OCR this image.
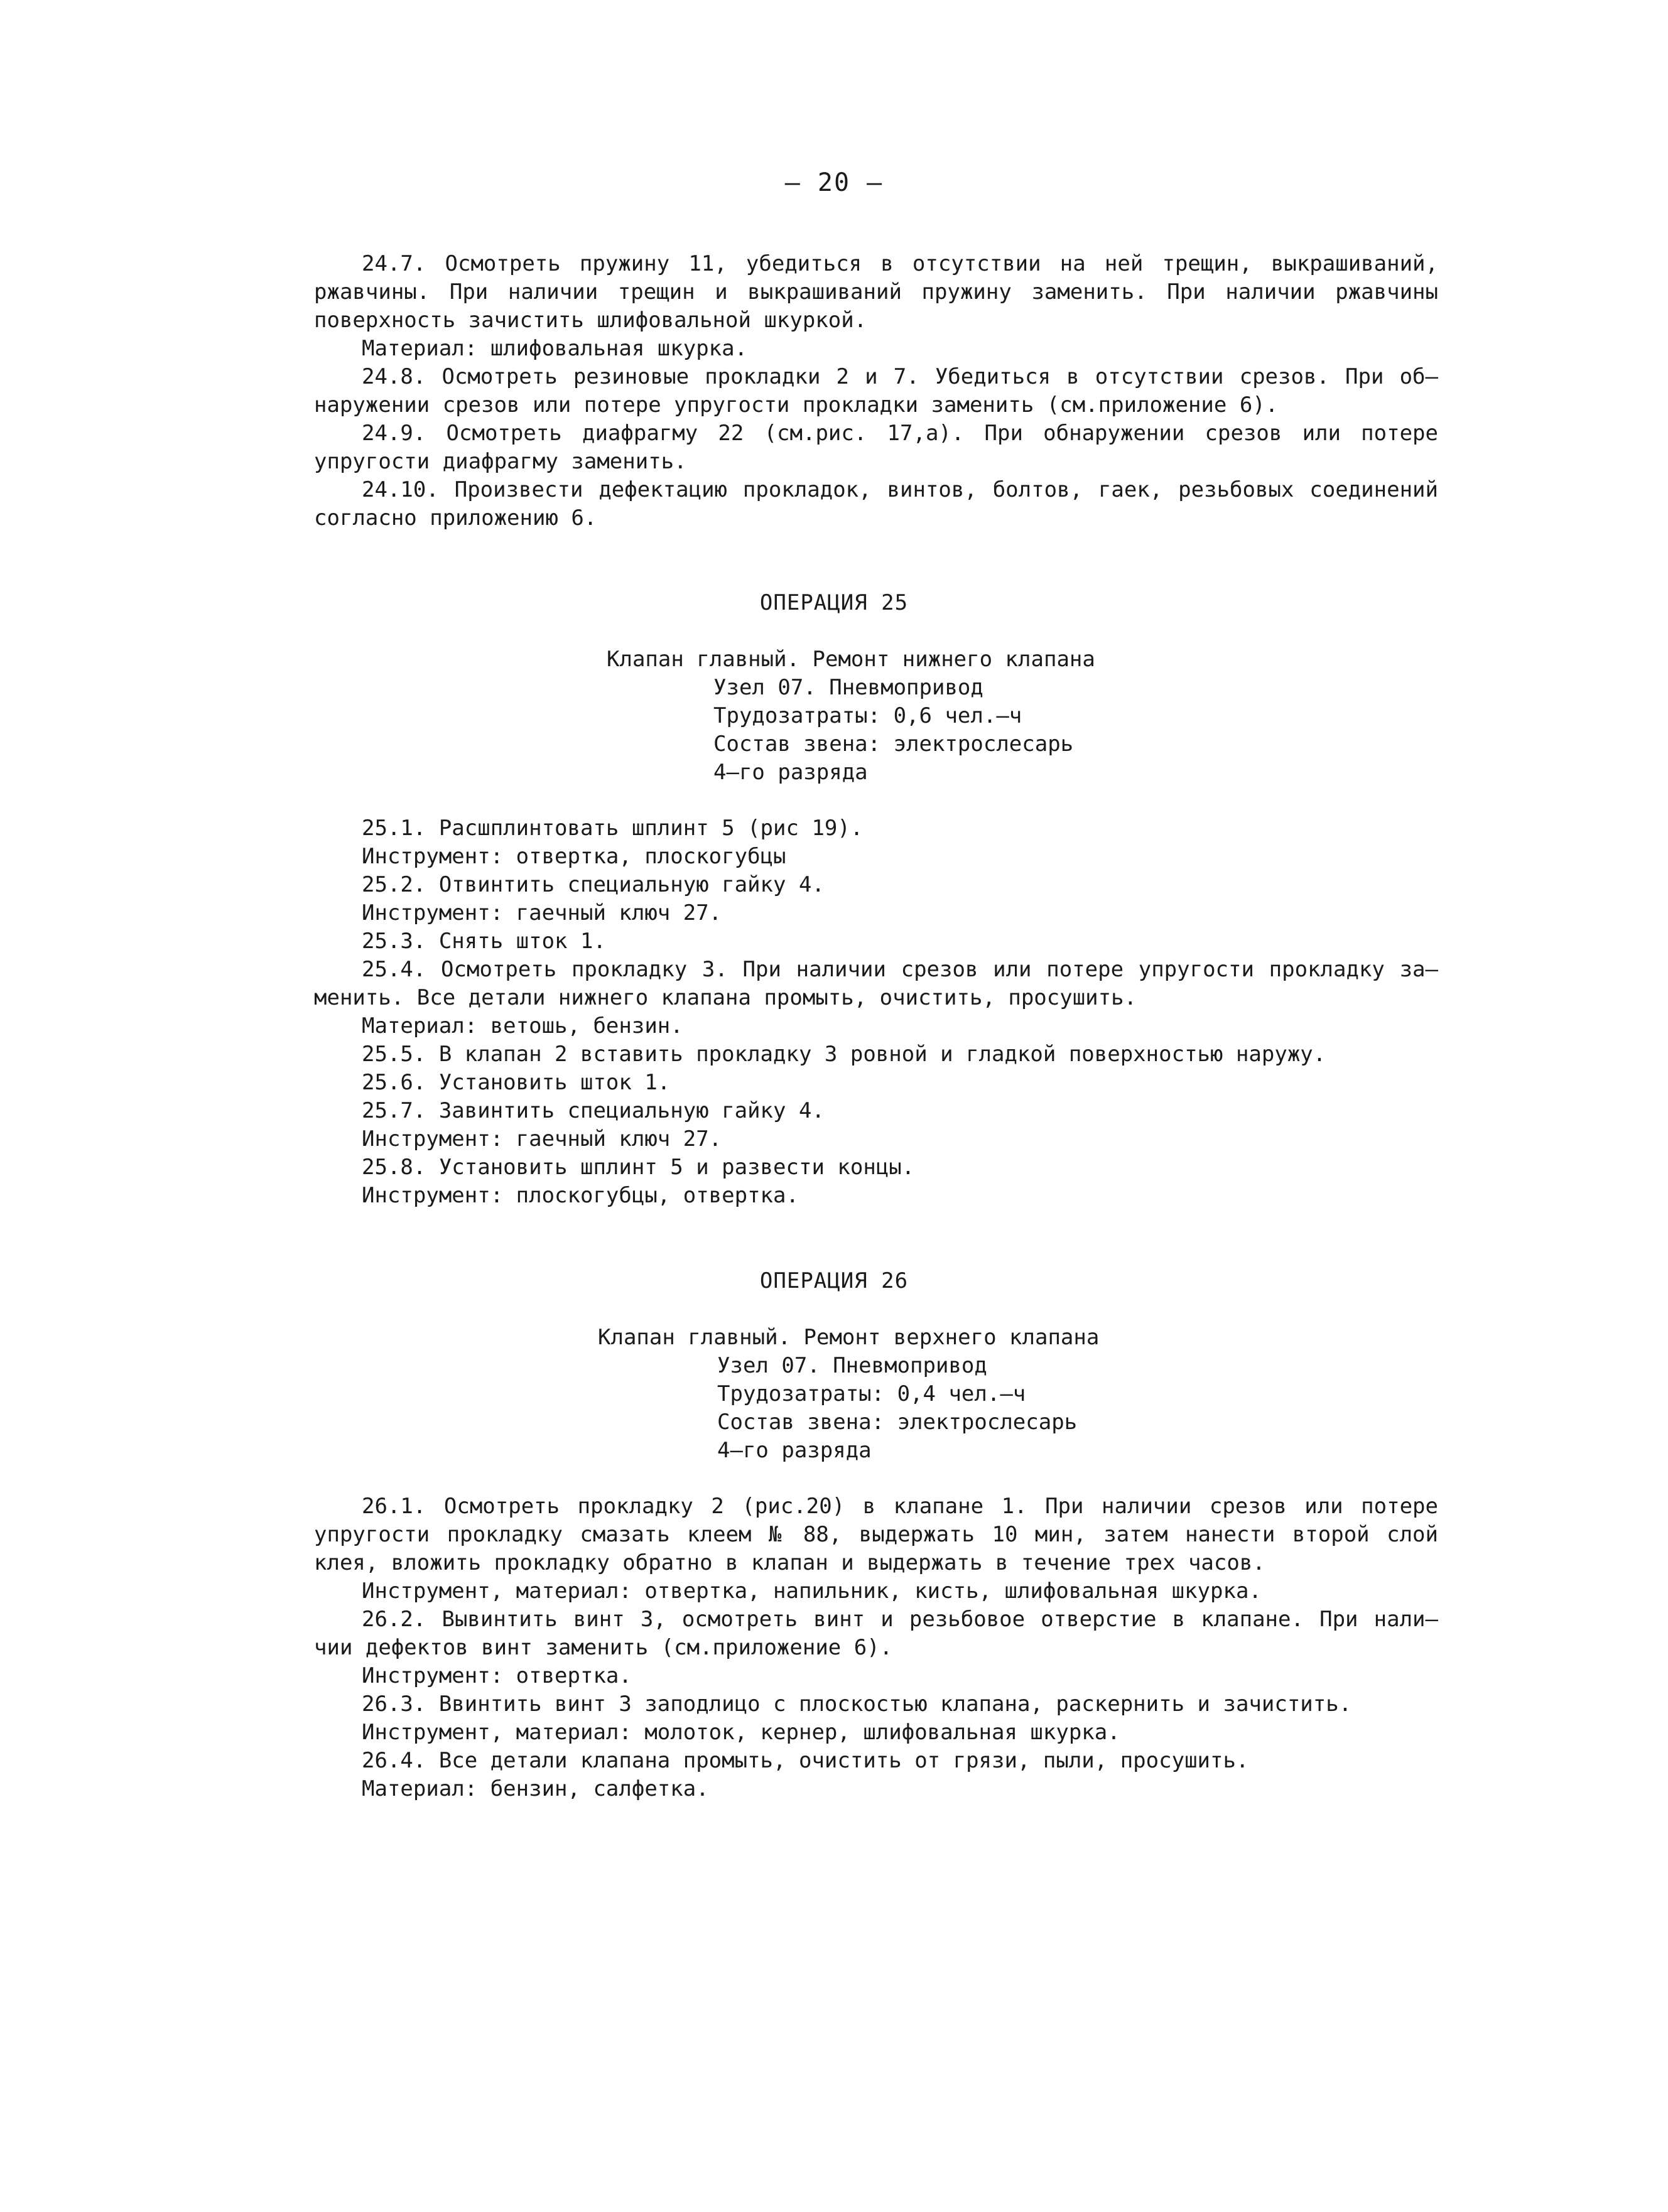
– 20 –
24.7. Осмотреть пружину 11, убедиться в отсутствии на ней трещин, выкрашиваний,
ржавчины. При наличии трещин и выкрашиваний пружину заменить. При наличии ржавчины
поверхность зачистить шлифовальной шкуркой.
Материал: шлифовальная шкурка.
24.8. Осмотреть резиновые прокладки 2 и 7. Убедиться в отсутствии срезов. При об–
наружении срезов или потере упругости прокладки заменить (см.приложение 6).
24.9. Осмотреть диафрагму 22 (см.рис. 17,а). При обнаружении срезов или потере
упругости диафрагму заменить.
24.10. Произвести дефектацию прокладок, винтов, болтов, гаек, резьбовых соединений
согласно приложению 6.
ОПЕРАЦИЯ 25
Клапан главный. Ремонт нижнего клапана
Узел 07. Пневмопривод
Трудозатраты: 0,6 чел.–ч
Состав звена: электрослесарь
4–го разряда
25.1. Расшплинтовать шплинт 5 (рис 19).
Инструмент: отвертка, плоскогубцы
25.2. Отвинтить специальную гайку 4.
Инструмент: гаечный ключ 27.
25.3. Снять шток 1.
25.4. Осмотреть прокладку 3. При наличии срезов или потере упругости прокладку за–
менить. Все детали нижнего клапана промыть, очистить, просушить.
Материал: ветошь, бензин.
25.5. В клапан 2 вставить прокладку 3 ровной и гладкой поверхностью наружу.
25.6. Установить шток 1.
25.7. Завинтить специальную гайку 4.
Инструмент: гаечный ключ 27.
25.8. Установить шплинт 5 и развести концы.
Инструмент: плоскогубцы, отвертка.
ОПЕРАЦИЯ 26
Клапан главный. Ремонт верхнего клапана
Узел 07. Пневмопривод
Трудозатраты: 0,4 чел.–ч
Состав звена: электрослесарь
4–го разряда
26.1. Осмотреть прокладку 2 (рис.20) в клапане 1. При наличии срезов или потере
упругости прокладку смазать клеем № 88, выдержать 10 мин, затем нанести второй слой
клея, вложить прокладку обратно в клапан и выдержать в течение трех часов.
Инструмент, материал: отвертка, напильник, кисть, шлифовальная шкурка.
26.2. Вывинтить винт 3, осмотреть винт и резьбовое отверстие в клапане. При нали–
чии дефектов винт заменить (см.приложение 6).
Инструмент: отвертка.
26.3. Ввинтить винт 3 заподлицо с плоскостью клапана, раскернить и зачистить.
Инструмент, материал: молоток, кернер, шлифовальная шкурка.
26.4. Все детали клапана промыть, очистить от грязи, пыли, просушить.
Материал: бензин, салфетка.
